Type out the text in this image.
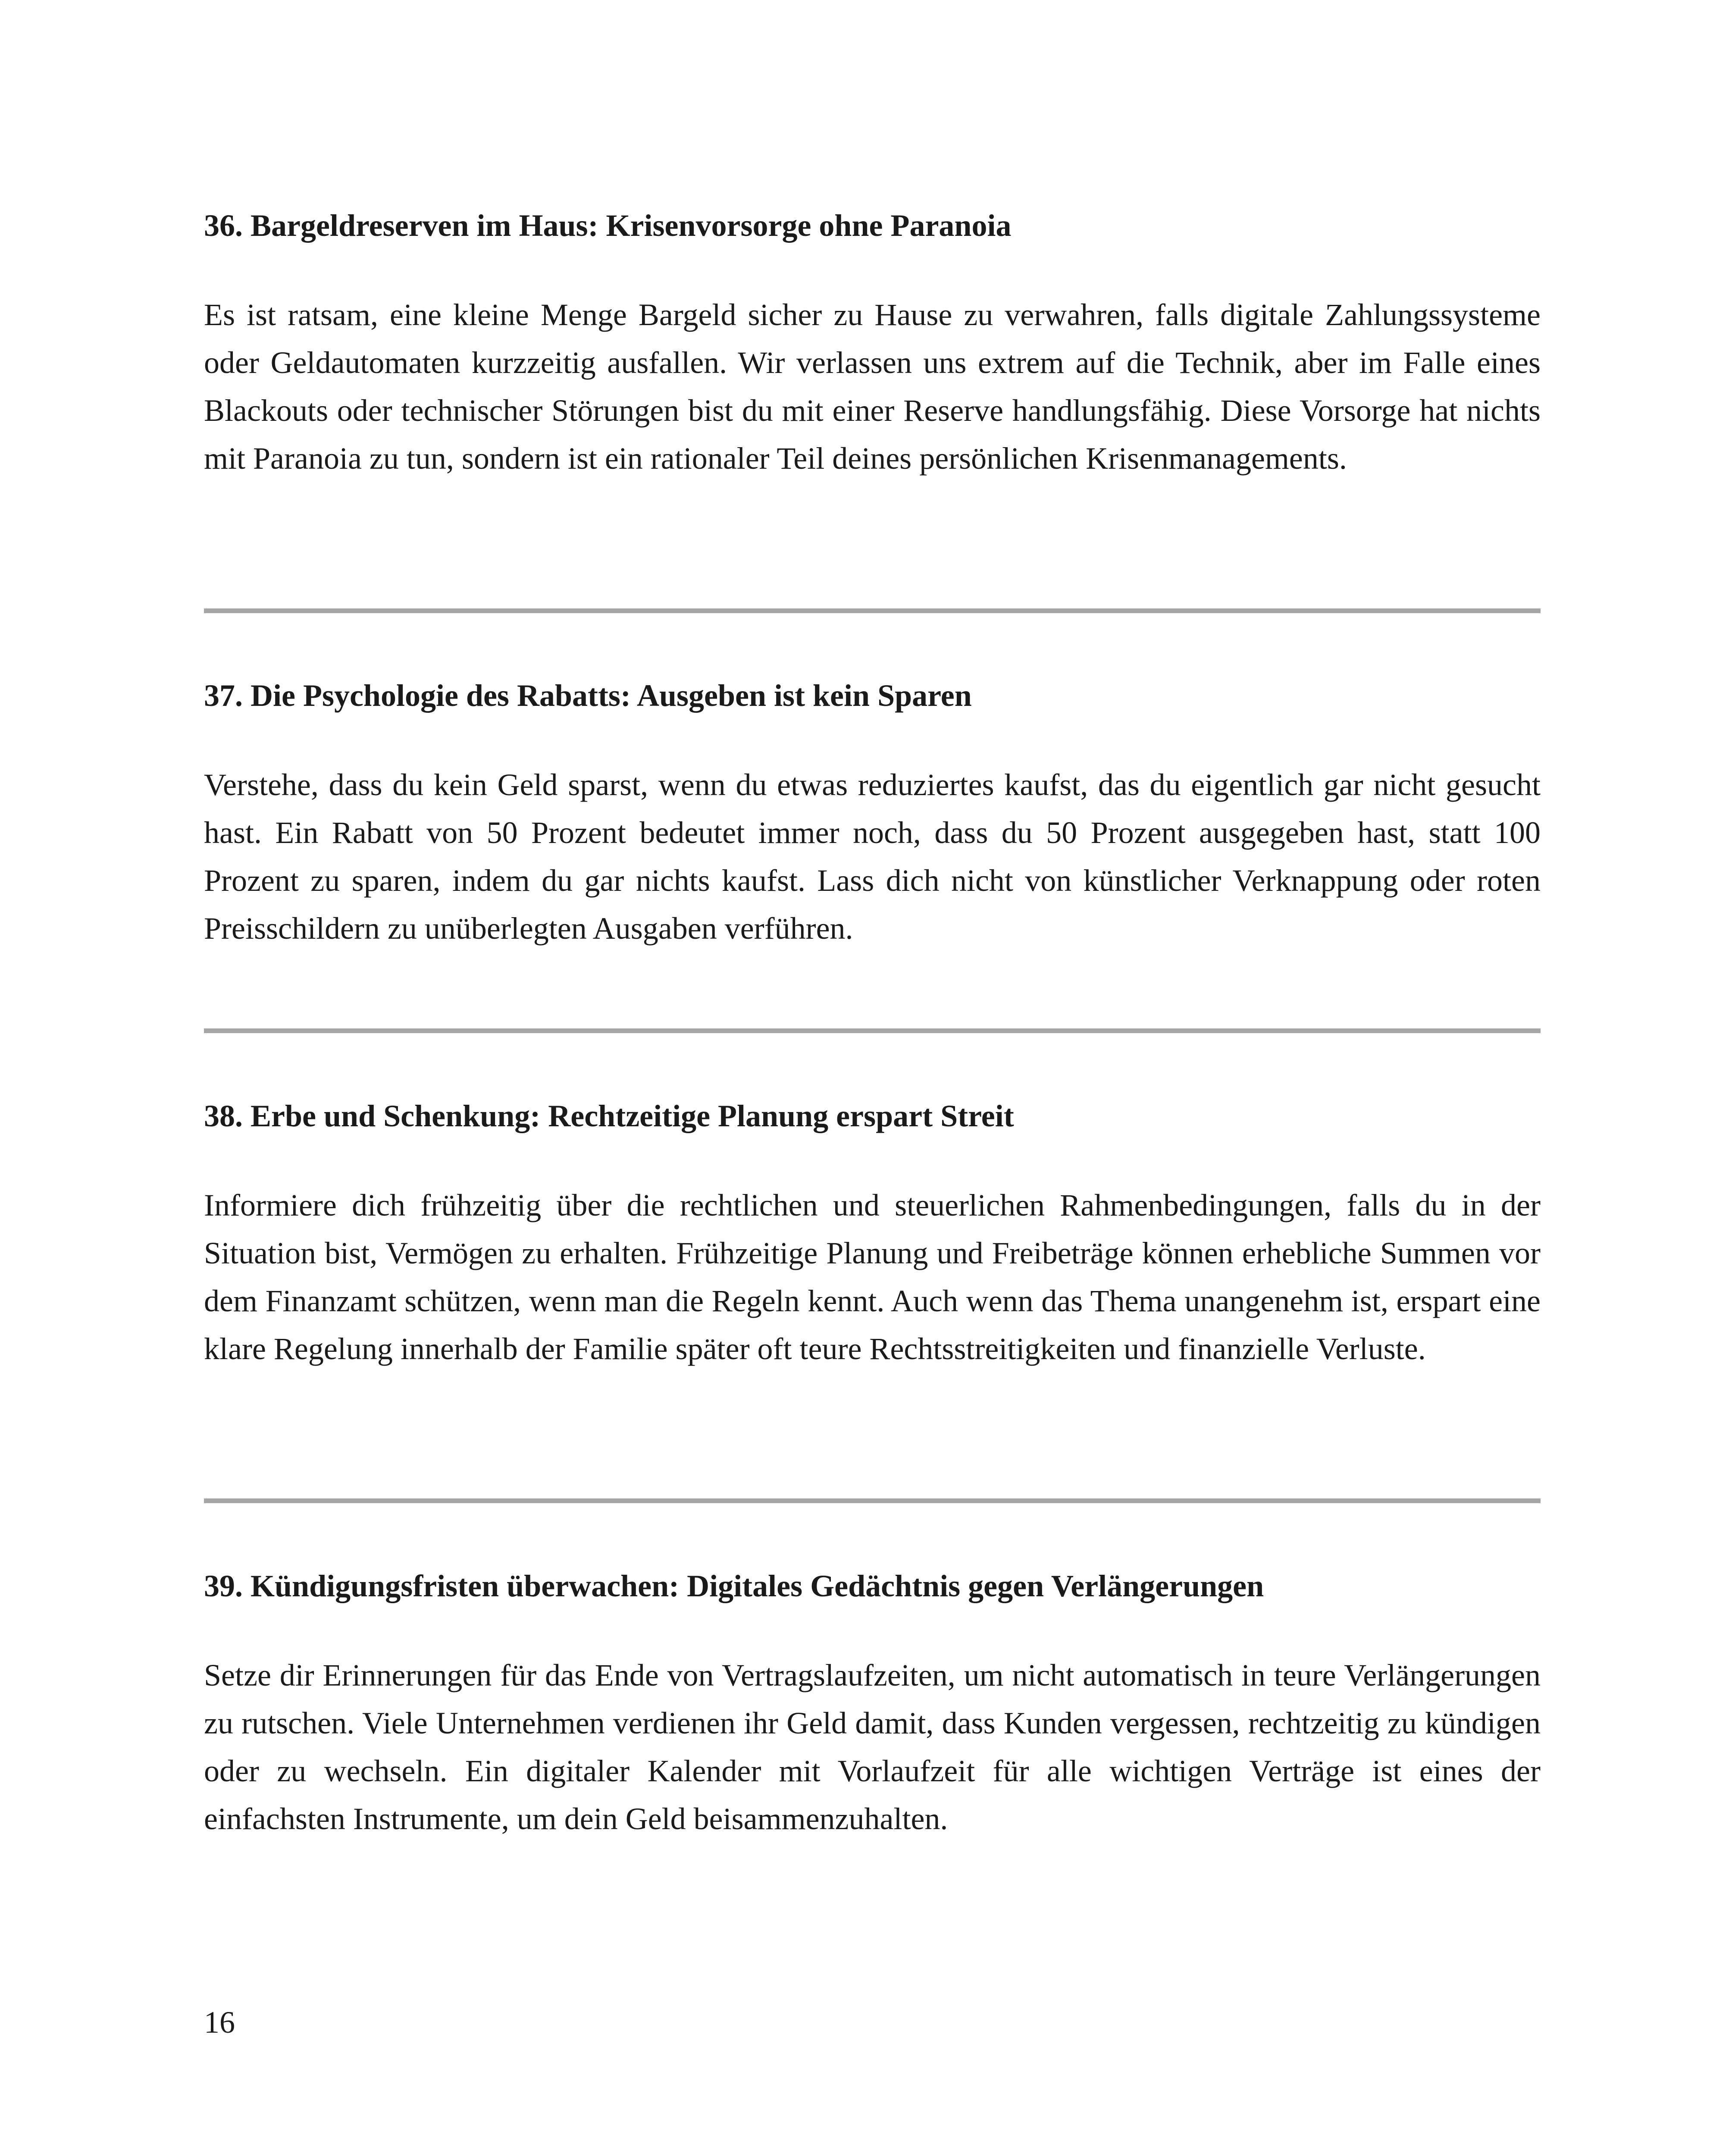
36. Bargeldreserven im Haus: Krisenvorsorge ohne Paranoia

Es ist ratsam, eine kleine Menge Bargeld sicher zu Hause zu verwahren, falls digitale Zahlungssysteme oder Geldautomaten kurzzeitig ausfallen. Wir verlassen uns extrem auf die Technik, aber im Falle eines Blackouts oder technischer Störungen bist du mit einer Reserve handlungsfähig. Diese Vorsorge hat nichts mit Paranoia zu tun, sondern ist ein rationaler Teil deines persönlichen Krisenmanagements.

37. Die Psychologie des Rabatts: Ausgeben ist kein Sparen

Verstehe, dass du kein Geld sparst, wenn du etwas reduziertes kaufst, das du eigentlich gar nicht gesucht hast. Ein Rabatt von 50 Prozent bedeutet immer noch, dass du 50 Prozent ausgegeben hast, statt 100 Prozent zu sparen, indem du gar nichts kaufst. Lass dich nicht von künstlicher Verknappung oder roten Preisschildern zu unüberlegten Ausgaben verführen.

38. Erbe und Schenkung: Rechtzeitige Planung erspart Streit

Informiere dich frühzeitig über die rechtlichen und steuerlichen Rahmenbedingungen, falls du in der Situation bist, Vermögen zu erhalten. Frühzeitige Planung und Freibeträge können erhebliche Summen vor dem Finanzamt schützen, wenn man die Regeln kennt. Auch wenn das Thema unangenehm ist, erspart eine klare Regelung innerhalb der Familie später oft teure Rechtsstreitigkeiten und finanzielle Verluste.

39. Kündigungsfristen überwachen: Digitales Gedächtnis gegen Verlängerungen

Setze dir Erinnerungen für das Ende von Vertragslaufzeiten, um nicht automatisch in teure Verlängerungen zu rutschen. Viele Unternehmen verdienen ihr Geld damit, dass Kunden vergessen, rechtzeitig zu kündigen oder zu wechseln. Ein digitaler Kalender mit Vorlaufzeit für alle wichtigen Verträge ist eines der einfachsten Instrumente, um dein Geld beisammenzuhalten.

16
